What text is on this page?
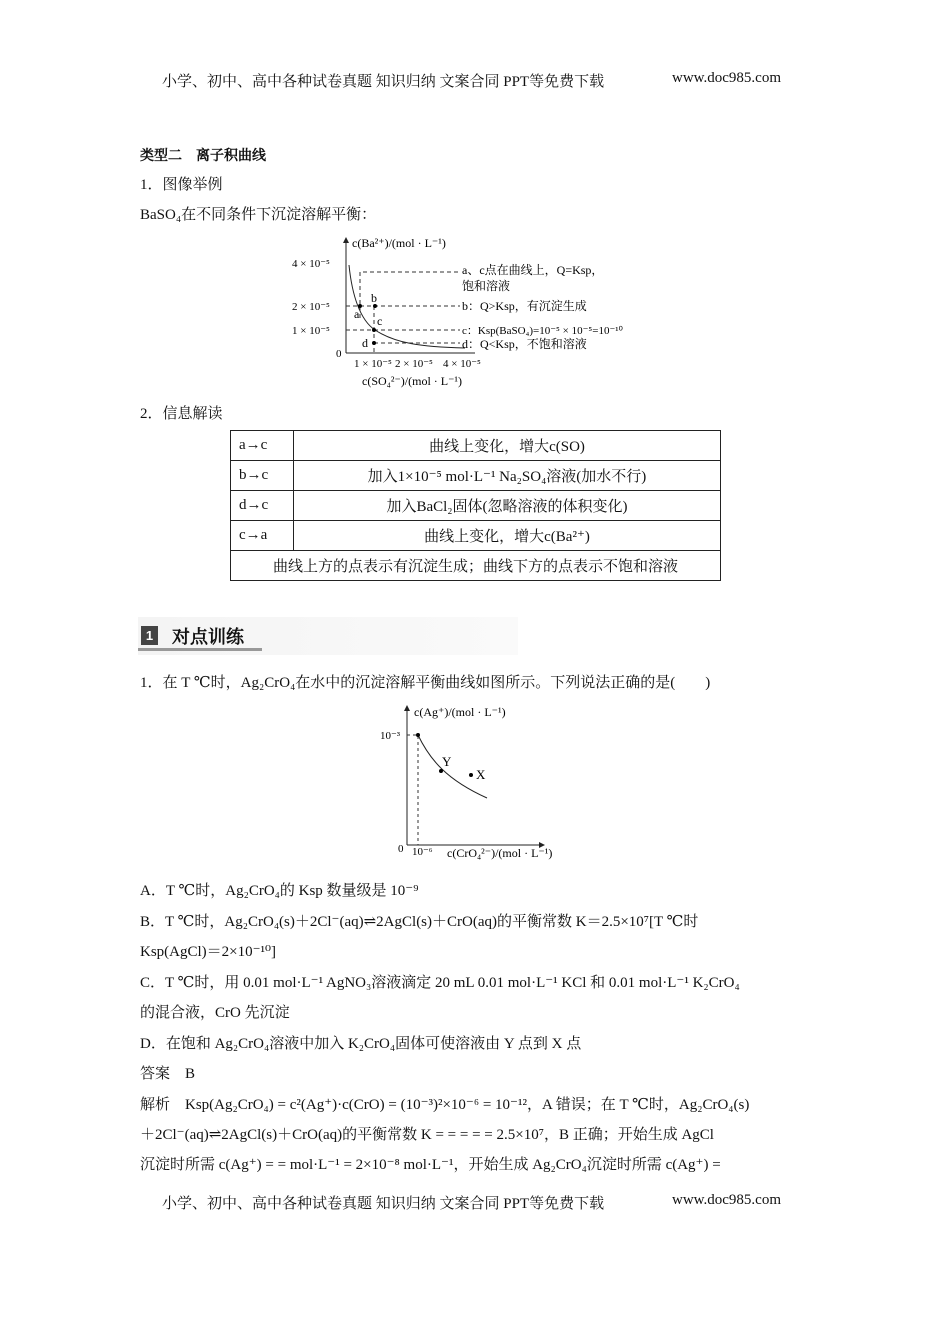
小学、初中、高中各种试卷真题 知识归纳 文案合同 PPT等免费下载	www.doc985.com
类型二　离子积曲线
1．图像举例
BaSO₄在不同条件下沉淀溶解平衡：
c(Ba²⁺)/(mol · L⁻¹)
4 × 10⁻⁵
2 × 10⁻⁵
1 × 10⁻⁵
0
1 × 10⁻⁵ 2 × 10⁻⁵ 4 × 10⁻⁵
c(SO₄²⁻)/(mol · L⁻¹)
a
b
c
d
a、c点在曲线上，Q=Ksp，
饱和溶液
b：Q>Ksp，有沉淀生成
c：Ksp(BaSO₄)=10⁻⁵ × 10⁻⁵=10⁻¹⁰
d：Q<Ksp，不饱和溶液
2．信息解读
a→c	曲线上变化，增大c(SO)
b→c	加入1×10⁻⁵ mol·L⁻¹ Na₂SO₄溶液(加水不行)
d→c	加入BaCl₂固体(忽略溶液的体积变化)
c→a	曲线上变化，增大c(Ba²⁺)
曲线上方的点表示有沉淀生成；曲线下方的点表示不饱和溶液	
1 对点训练
1．在 T ℃时，Ag₂CrO₄在水中的沉淀溶解平衡曲线如图所示。下列说法正确的是(　　)
c(Ag⁺)/(mol · L⁻¹)
10⁻³
0 10⁻⁶ c(CrO₄²⁻)/(mol · L⁻¹)
Y
X
A．T ℃时，Ag₂CrO₄的 Ksp 数量级是 10⁻⁹
B．T ℃时，Ag₂CrO₄(s)＋2Cl⁻(aq)⇌2AgCl(s)＋CrO(aq)的平衡常数 K＝2.5×10⁷[T ℃时
Ksp(AgCl)＝2×10⁻¹⁰]
C．T ℃时，用 0.01 mol·L⁻¹ AgNO₃溶液滴定 20 mL 0.01 mol·L⁻¹ KCl 和 0.01 mol·L⁻¹ K₂CrO₄
的混合液，CrO 先沉淀
D．在饱和 Ag₂CrO₄溶液中加入 K₂CrO₄固体可使溶液由 Y 点到 X 点
答案　B
解析　Ksp(Ag₂CrO₄) = c²(Ag⁺)·c(CrO) = (10⁻³)²×10⁻⁶ = 10⁻¹²，A 错误；在 T ℃时，Ag₂CrO₄(s)
＋2Cl⁻(aq)⇌2AgCl(s)＋CrO(aq)的平衡常数 K = = = = = 2.5×10⁷，B 正确；开始生成 AgCl
沉淀时所需 c(Ag⁺) = = mol·L⁻¹ = 2×10⁻⁸ mol·L⁻¹，开始生成 Ag₂CrO₄沉淀时所需 c(Ag⁺) =
小学、初中、高中各种试卷真题 知识归纳 文案合同 PPT等免费下载	www.doc985.com
